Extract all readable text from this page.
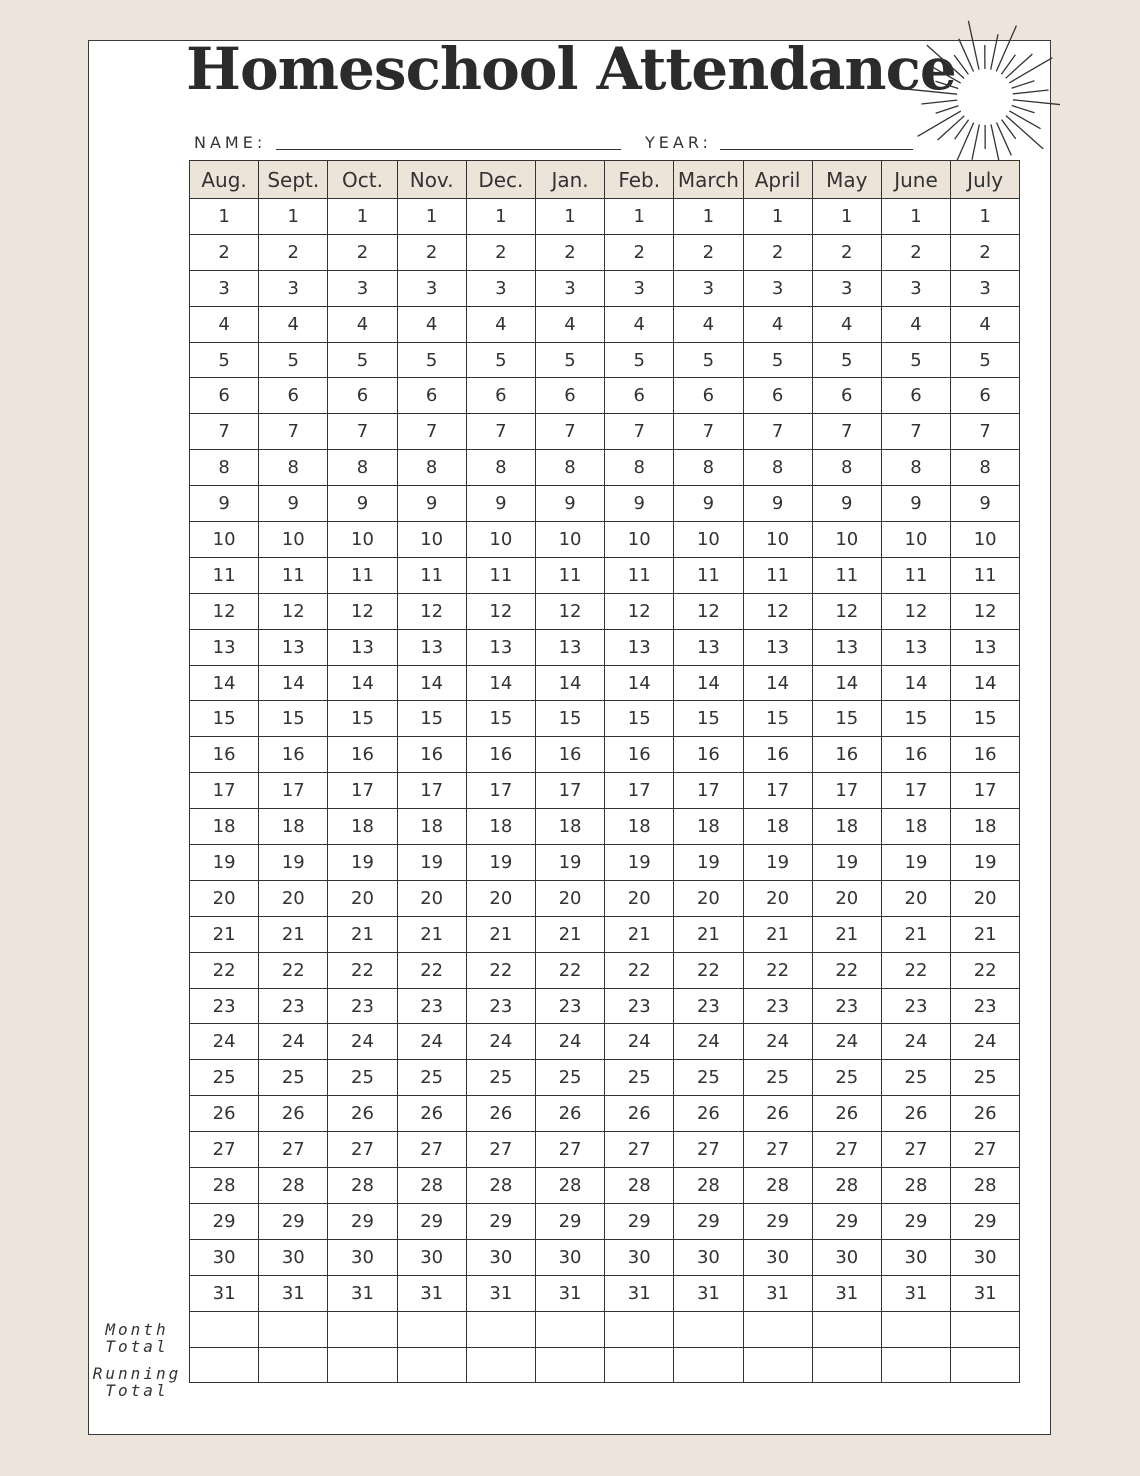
Homeschool Attendance
NAME:	YEAR:
Aug.	Sept.	Oct.	Nov.	Dec.	Jan.	Feb.	March	April	May	June	July
1	1	1	1	1	1	1	1	1	1	1	1
2	2	2	2	2	2	2	2	2	2	2	2
3	3	3	3	3	3	3	3	3	3	3	3
4	4	4	4	4	4	4	4	4	4	4	4
5	5	5	5	5	5	5	5	5	5	5	5
6	6	6	6	6	6	6	6	6	6	6	6
7	7	7	7	7	7	7	7	7	7	7	7
8	8	8	8	8	8	8	8	8	8	8	8
9	9	9	9	9	9	9	9	9	9	9	9
10	10	10	10	10	10	10	10	10	10	10	10
11	11	11	11	11	11	11	11	11	11	11	11
12	12	12	12	12	12	12	12	12	12	12	12
13	13	13	13	13	13	13	13	13	13	13	13
14	14	14	14	14	14	14	14	14	14	14	14
15	15	15	15	15	15	15	15	15	15	15	15
16	16	16	16	16	16	16	16	16	16	16	16
17	17	17	17	17	17	17	17	17	17	17	17
18	18	18	18	18	18	18	18	18	18	18	18
19	19	19	19	19	19	19	19	19	19	19	19
20	20	20	20	20	20	20	20	20	20	20	20
21	21	21	21	21	21	21	21	21	21	21	21
22	22	22	22	22	22	22	22	22	22	22	22
23	23	23	23	23	23	23	23	23	23	23	23
24	24	24	24	24	24	24	24	24	24	24	24
25	25	25	25	25	25	25	25	25	25	25	25
26	26	26	26	26	26	26	26	26	26	26	26
27	27	27	27	27	27	27	27	27	27	27	27
28	28	28	28	28	28	28	28	28	28	28	28
29	29	29	29	29	29	29	29	29	29	29	29
30	30	30	30	30	30	30	30	30	30	30	30
31	31	31	31	31	31	31	31	31	31	31	31

Month
Total
Running
Total
